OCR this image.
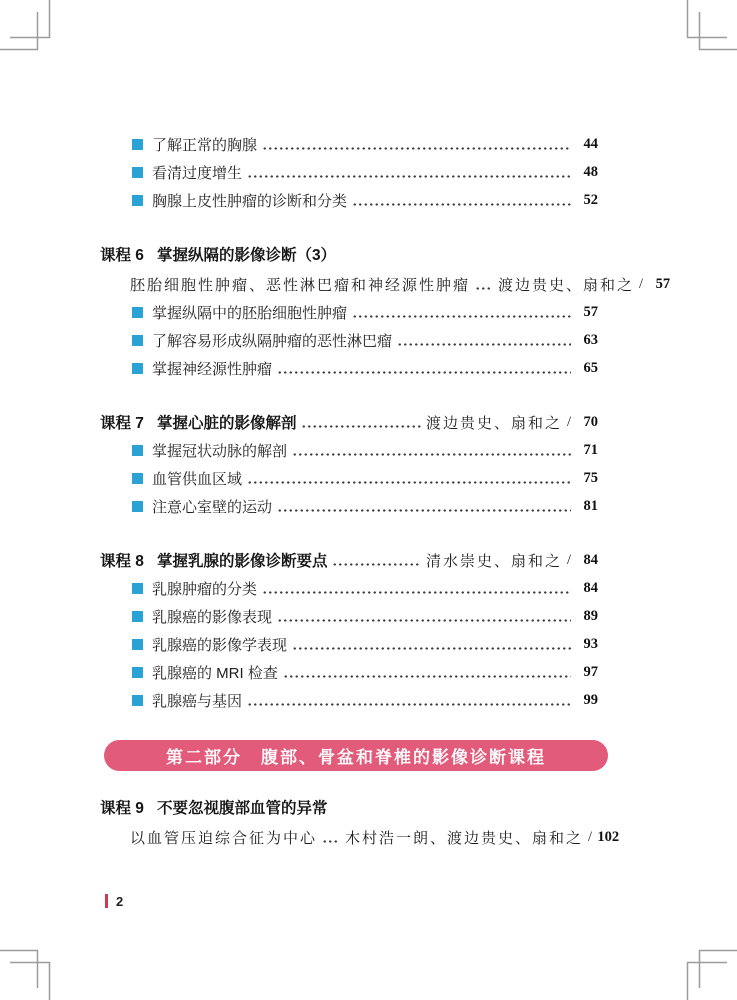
了解正常的胸腺	44
看清过度增生	48
胸腺上皮性肿瘤的诊断和分类	52
课程 6 掌握纵隔的影像诊断（3）
胚胎细胞性肿瘤、恶性淋巴瘤和神经源性肿瘤 渡边贵史、扇和之 / 57
掌握纵隔中的胚胎细胞性肿瘤	57
了解容易形成纵隔肿瘤的恶性淋巴瘤	63
掌握神经源性肿瘤	65
课程 7 掌握心脏的影像解剖	渡边贵史、扇和之 / 70
掌握冠状动脉的解剖	71
血管供血区域	75
注意心室壁的运动	81
课程 8 掌握乳腺的影像诊断要点	清水崇史、扇和之 / 84
乳腺肿瘤的分类	84
乳腺癌的影像表现	89
乳腺癌的影像学表现	93
乳腺癌的 MRI 检查	97
乳腺癌与基因	99
第二部分　腹部、骨盆和脊椎的影像诊断课程
课程 9 不要忽视腹部血管的异常
以血管压迫综合征为中心 木村浩一朗、渡边贵史、扇和之 / 102
2
